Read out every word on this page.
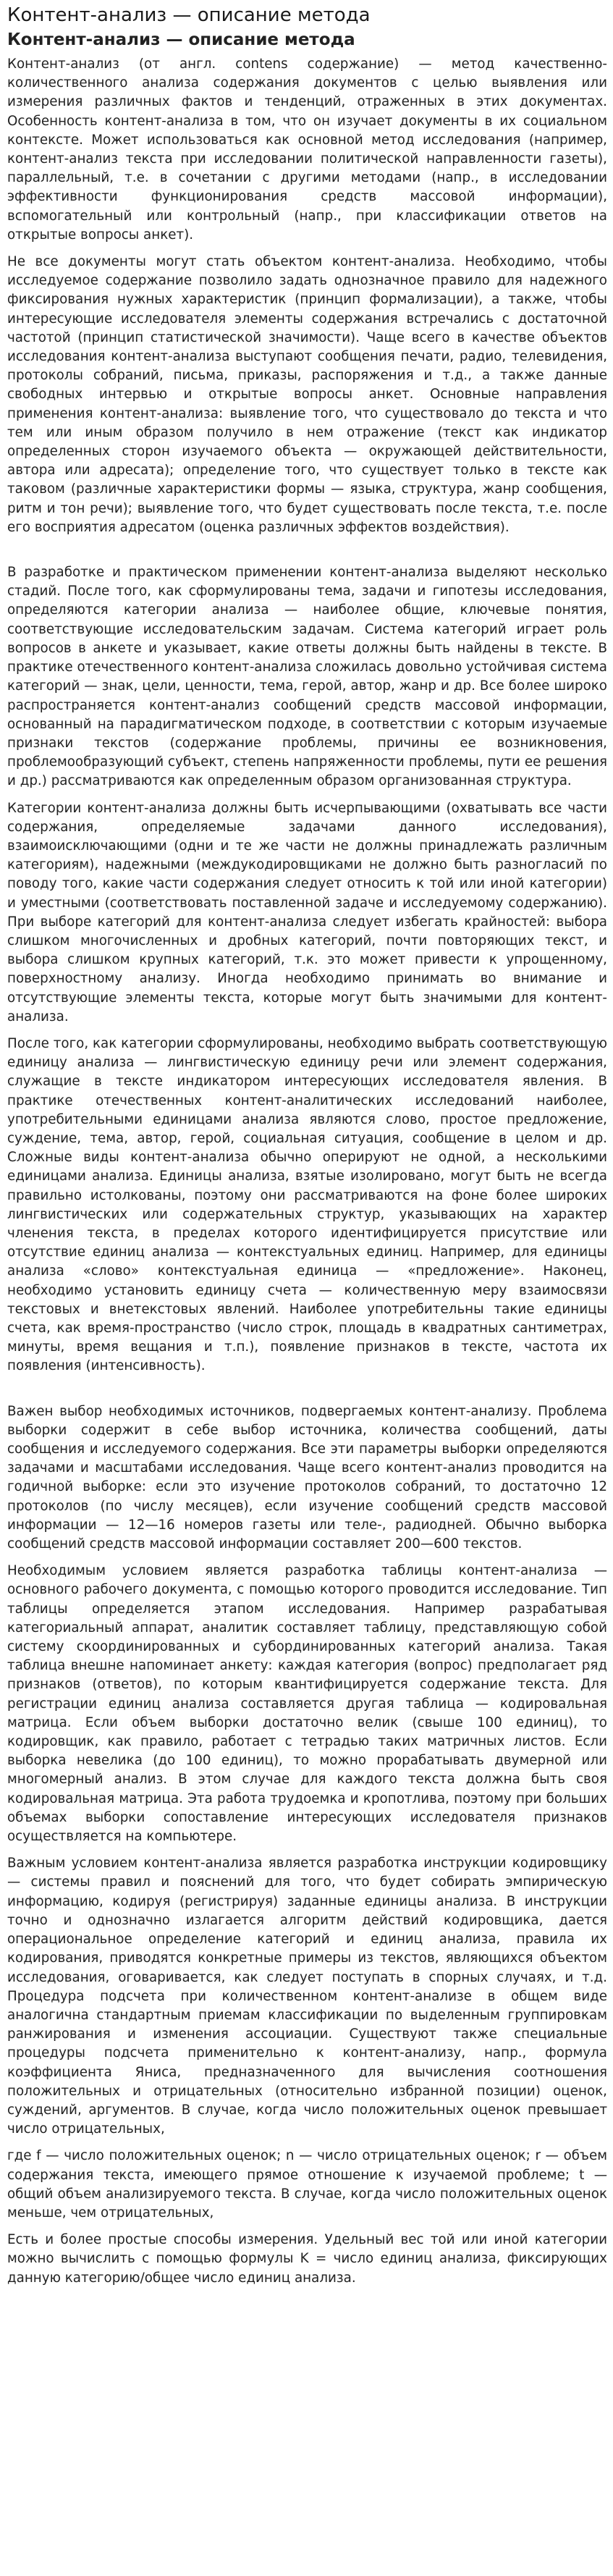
Контент-анализ — описание метода
Контент-анализ — описание метода

Контент-анализ (от англ. contens содержание) — метод качественно-количественного анализа содержания документов с целью выявления или измерения различных фактов и тенденций, отраженных в этих документах. Особенность контент-анализа в том, что он изучает документы в их социальном контексте. Может использоваться как основной метод исследования (например, контент-анализ текста при исследовании политической направленности газеты), параллельный, т.е. в сочетании с другими методами (напр., в исследовании эффективности функционирования средств массовой информации), вспомогательный или контрольный (напр., при классификации ответов на открытые вопросы анкет).

Не все документы могут стать объектом контент-анализа. Необходимо, чтобы исследуемое содержание позволило задать однозначное правило для надежного фиксирования нужных характеристик (принцип формализации), а также, чтобы интересующие исследователя элементы содержания встречались с достаточной частотой (принцип статистической значимости). Чаще всего в качестве объектов исследования контент-анализа выступают сообщения печати, радио, телевидения, протоколы собраний, письма, приказы, распоряжения и т.д., а также данные свободных интервью и открытые вопросы анкет. Основные направления применения контент-анализа: выявление того, что существовало до текста и что тем или иным образом получило в нем отражение (текст как индикатор определенных сторон изучаемого объекта — окружающей действительности, автора или адресата); определение того, что существует только в тексте как таковом (различные характеристики формы — языка, структура, жанр сообщения, ритм и тон речи); выявление того, что будет существовать после текста, т.е. после его восприятия адресатом (оценка различных эффектов воздействия).

В разработке и практическом применении контент-анализа выделяют несколько стадий. После того, как сформулированы тема, задачи и гипотезы исследования, определяются категории анализа — наиболее общие, ключевые понятия, соответствующие исследовательским задачам. Система категорий играет роль вопросов в анкете и указывает, какие ответы должны быть найдены в тексте. В практике отечественного контент-анализа сложилась довольно устойчивая система категорий — знак, цели, ценности, тема, герой, автор, жанр и др. Все более широко распространяется контент-анализ сообщений средств массовой информации, основанный на парадигматическом подходе, в соответствии с которым изучаемые признаки текстов (содержание проблемы, причины ее возникновения, проблемообразующий субъект, степень напряженности проблемы, пути ее решения и др.) рассматриваются как определенным образом организованная структура.

Категории контент-анализа должны быть исчерпывающими (охватывать все части содержания, определяемые задачами данного исследования), взаимоисключающими (одни и те же части не должны принадлежать различным категориям), надежными (междукодировщиками не должно быть разногласий по поводу того, какие части содержания следует относить к той или иной категории) и уместными (соответствовать поставленной задаче и исследуемому содержанию). При выборе категорий для контент-анализа следует избегать крайностей: выбора слишком многочисленных и дробных категорий, почти повторяющих текст, и выбора слишком крупных категорий, т.к. это может привести к упрощенному, поверхностному анализу. Иногда необходимо принимать во внимание и отсутствующие элементы текста, которые могут быть значимыми для контент-анализа.

После того, как категории сформулированы, необходимо выбрать соответствующую единицу анализа — лингвистическую единицу речи или элемент содержания, служащие в тексте индикатором интересующих исследователя явления. В практике отечественных контент-аналитических исследований наиболее, употребительными единицами анализа являются слово, простое предложение, суждение, тема, автор, герой, социальная ситуация, сообщение в целом и др. Сложные виды контент-анализа обычно оперируют не одной, а несколькими единицами анализа. Единицы анализа, взятые изолировано, могут быть не всегда правильно истолкованы, поэтому они рассматриваются на фоне более широких лингвистических или содержательных структур, указывающих на характер членения текста, в пределах которого идентифицируется присутствие или отсутствие единиц анализа — контекстуальных единиц. Например, для единицы анализа «слово» контекстуальная единица — «предложение». Наконец, необходимо установить единицу счета — количественную меру взаимосвязи текстовых и внетекстовых явлений. Наиболее употребительны такие единицы счета, как время-пространство (число строк, площадь в квадратных сантиметрах, минуты, время вещания и т.п.), появление признаков в тексте, частота их появления (интенсивность).

Важен выбор необходимых источников, подвергаемых контент-анализу. Проблема выборки содержит в себе выбор источника, количества сообщений, даты сообщения и исследуемого содержания. Все эти параметры выборки определяются задачами и масштабами исследования. Чаще всего контент-анализ проводится на годичной выборке: если это изучение протоколов собраний, то достаточно 12 протоколов (по числу месяцев), если изучение сообщений средств массовой информации — 12—16 номеров газеты или теле-, радиодней. Обычно выборка сообщений средств массовой информации составляет 200—600 текстов.

Необходимым условием является разработка таблицы контент-анализа — основного рабочего документа, с помощью которого проводится исследование. Тип таблицы определяется этапом исследования. Например разрабатывая категориальный аппарат, аналитик составляет таблицу, представляющую собой систему скоординированных и субординированных категорий анализа. Такая таблица внешне напоминает анкету: каждая категория (вопрос) предполагает ряд признаков (ответов), по которым квантифицируется содержание текста. Для регистрации единиц анализа составляется другая таблица — кодировальная матрица. Если объем выборки достаточно велик (свыше 100 единиц), то кодировщик, как правило, работает с тетрадью таких матричных листов. Если выборка невелика (до 100 единиц), то можно прорабатывать двумерной или многомерный анализ. В этом случае для каждого текста должна быть своя кодировальная матрица. Эта работа трудоемка и кропотлива, поэтому при больших объемах выборки сопоставление интересующих исследователя признаков осуществляется на компьютере.

Важным условием контент-анализа является разработка инструкции кодировщику — системы правил и пояснений для того, что будет собирать эмпирическую информацию, кодируя (регистрируя) заданные единицы анализа. В инструкции точно и однозначно излагается алгоритм действий кодировщика, дается операциональное определение категорий и единиц анализа, правила их кодирования, приводятся конкретные примеры из текстов, являющихся объектом исследования, оговаривается, как следует поступать в спорных случаях, и т.д. Процедура подсчета при количественном контент-анализе в общем виде аналогична стандартным приемам классификации по выделенным группировкам ранжирования и изменения ассоциации. Существуют также специальные процедуры подсчета применительно к контент-анализу, напр., формула коэффициента Яниса, предназначенного для вычисления соотношения положительных и отрицательных (относительно избранной позиции) оценок, суждений, аргументов. В случае, когда число положительных оценок превышает число отрицательных,

где f — число положительных оценок; n — число отрицательных оценок; r — объем содержания текста, имеющего прямое отношение к изучаемой проблеме; t — общий объем анализируемого текста. В случае, когда число положительных оценок меньше, чем отрицательных,

Есть и более простые способы измерения. Удельный вес той или иной категории можно вычислить с помощью формулы K = число единиц анализа, фиксирующих данную категорию/общее число единиц анализа.
